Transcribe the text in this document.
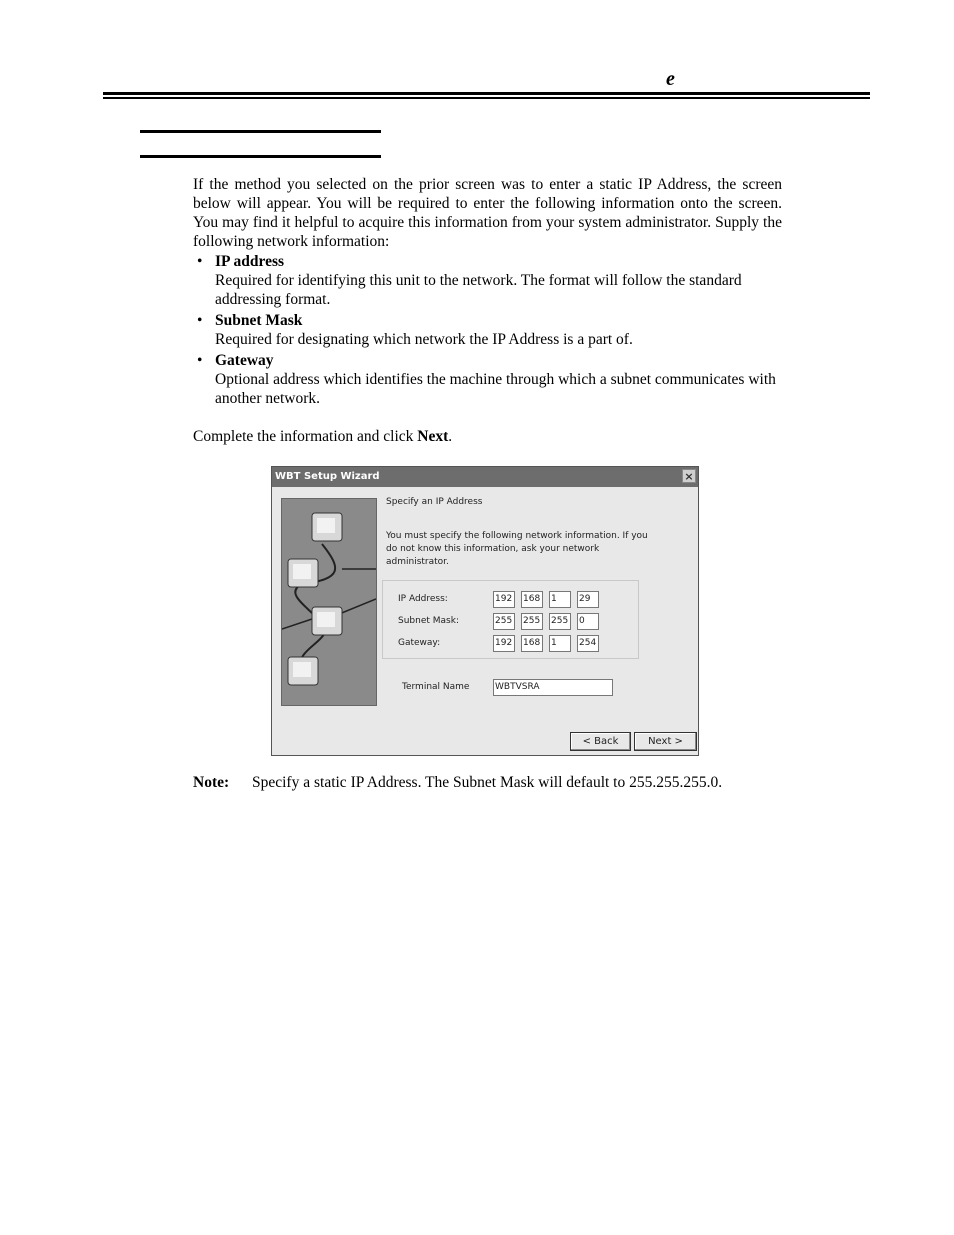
e
If the method you selected on the prior screen was to enter a static IP Address, the screen below will appear. You will be required to enter the following information onto the screen. You may find it helpful to acquire this information from your system administrator. Supply the following network information:
• IP address
Required for identifying this unit to the network. The format will follow the standard addressing format.
• Subnet Mask
Required for designating which network the IP Address is a part of.
• Gateway
Optional address which identifies the machine through which a subnet communicates with another network.
Complete the information and click Next.
WBT Setup Wizard	×
Specify an IP Address
You must specify the following network information. If you do not know this information, ask your network administrator.
IP Address:	192	168	1	29
Subnet Mask:	255	255	255	0
Gateway:	192	168	1	254
Terminal Name	WBTVSRA
< Back	Next >
Note: Specify a static IP Address. The Subnet Mask will default to 255.255.255.0.
